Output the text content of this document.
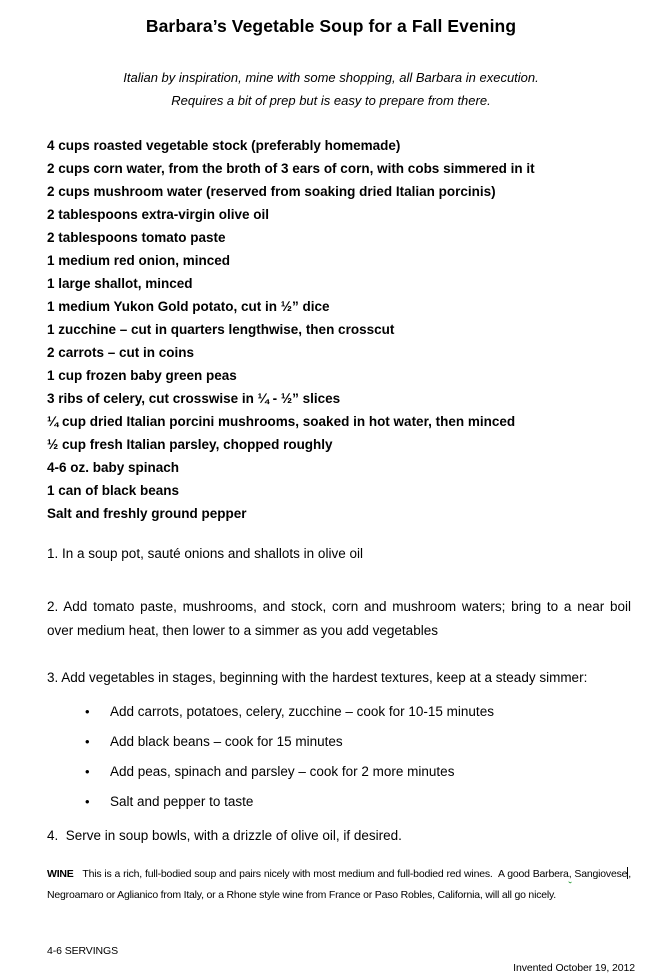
Barbara’s Vegetable Soup for a Fall Evening
Italian by inspiration, mine with some shopping, all Barbara in execution.
Requires a bit of prep but is easy to prepare from there.
4 cups roasted vegetable stock (preferably homemade)
2 cups corn water, from the broth of 3 ears of corn, with cobs simmered in it
2 cups mushroom water (reserved from soaking dried Italian porcinis)
2 tablespoons extra-virgin olive oil
2 tablespoons tomato paste
1 medium red onion, minced
1 large shallot, minced
1 medium Yukon Gold potato, cut in ½” dice
1 zucchine – cut in quarters lengthwise, then crosscut
2 carrots – cut in coins
1 cup frozen baby green peas
3 ribs of celery, cut crosswise in ¼ - ½” slices
¼ cup dried Italian porcini mushrooms, soaked in hot water, then minced
½ cup fresh Italian parsley, chopped roughly
4-6 oz. baby spinach
1 can of black beans
Salt and freshly ground pepper
1. In a soup pot, sauté onions and shallots in olive oil
2. Add tomato paste, mushrooms, and stock, corn and mushroom waters; bring to a near boil
over medium heat, then lower to a simmer as you add vegetables
3. Add vegetables in stages, beginning with the hardest textures, keep at a steady simmer:
• Add carrots, potatoes, celery, zucchine – cook for 10-15 minutes
• Add black beans – cook for 15 minutes
• Add peas, spinach and parsley – cook for 2 more minutes
• Salt and pepper to taste
4.  Serve in soup bowls, with a drizzle of olive oil, if desired.
WINE   This is a rich, full-bodied soup and pairs nicely with most medium and full-bodied red wines.  A good Barbera, Sangiovese,
Negroamaro or Aglianico from Italy, or a Rhone style wine from France or Paso Robles, California, will all go nicely.
4-6 SERVINGS
Invented October 19, 2012
